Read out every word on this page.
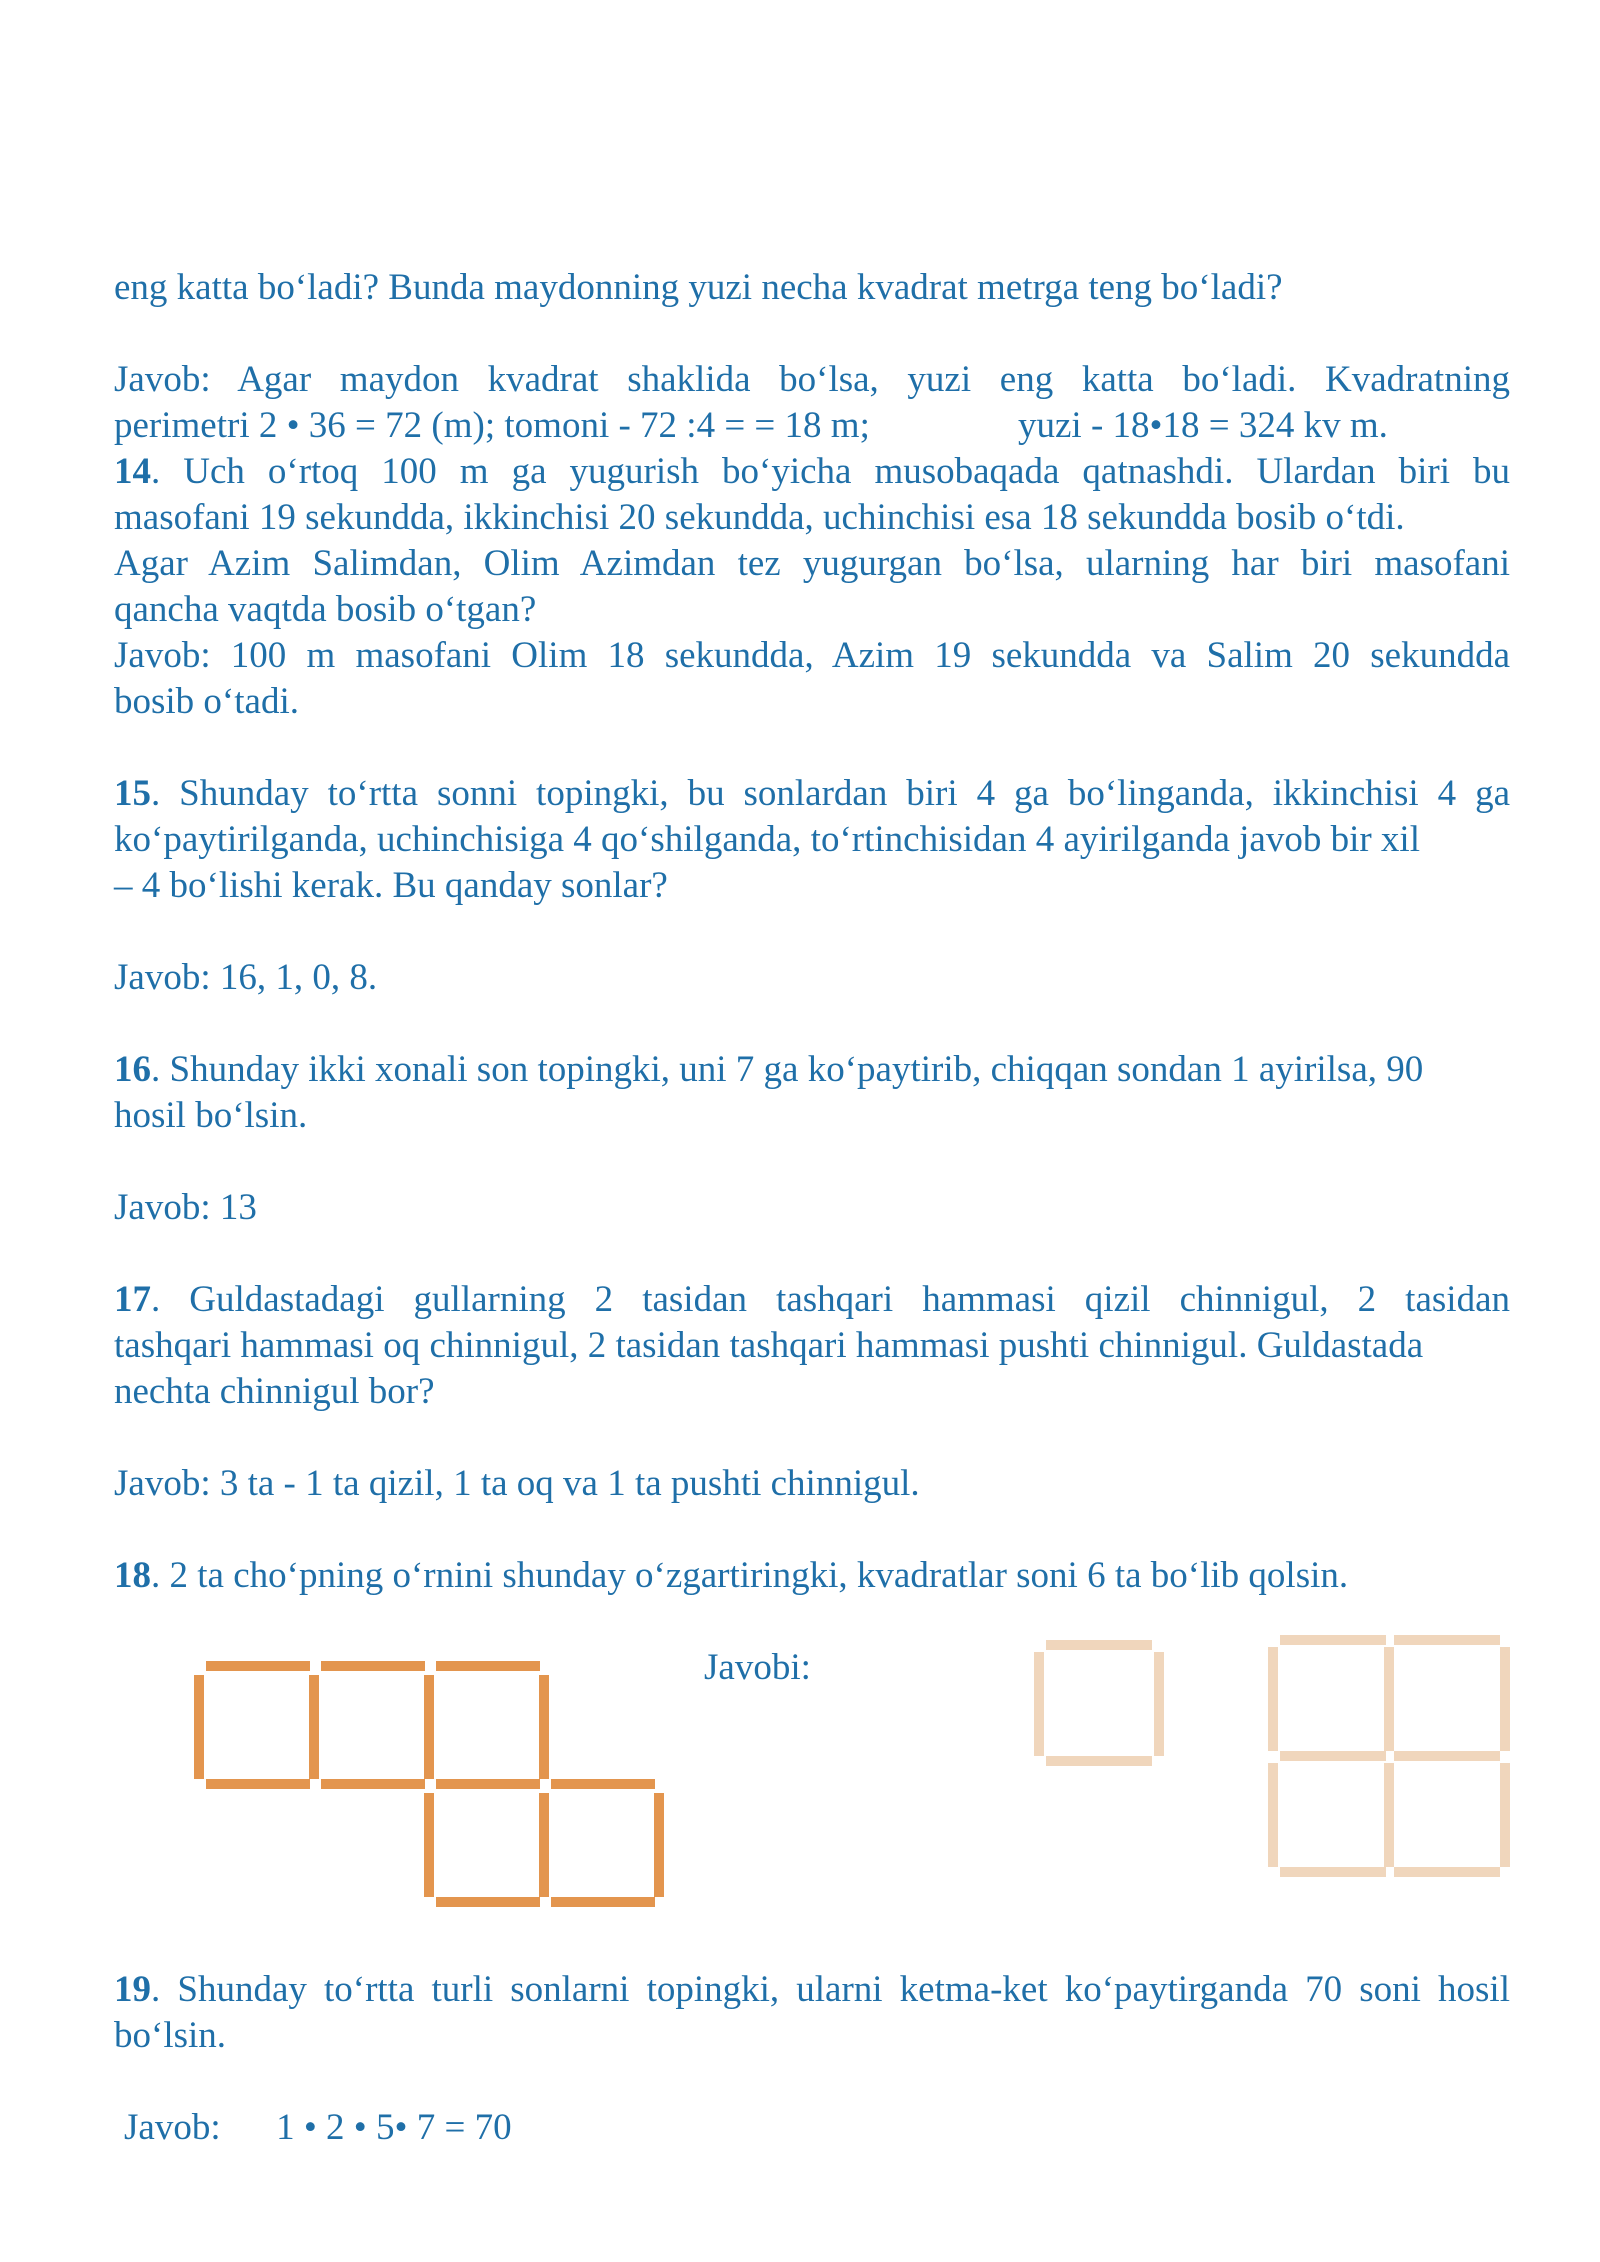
eng katta bo‘ladi? Bunda maydonning yuzi necha kvadrat metrga teng bo‘ladi?
Javob: Agar maydon kvadrat shaklida bo‘lsa, yuzi eng katta bo‘ladi. Kvadratning
perimetri 2 • 36 = 72 (m); tomoni - 72 :4 = = 18 m;	yuzi - 18•18 = 324 kv m.
14. Uch o‘rtoq 100 m ga yugurish bo‘yicha musobaqada qatnashdi. Ulardan biri bu
masofani 19 sekundda, ikkinchisi 20 sekundda, uchinchisi esa 18 sekundda bosib o‘tdi.
Agar Azim Salimdan, Olim Azimdan tez yugurgan bo‘lsa, ularning har biri masofani
qancha vaqtda bosib o‘tgan?
Javob: 100 m masofani Olim 18 sekundda, Azim 19 sekundda va Salim 20 sekundda
bosib o‘tadi.
15. Shunday to‘rtta sonni topingki, bu sonlardan biri 4 ga bo‘linganda, ikkinchisi 4 ga
ko‘paytirilganda, uchinchisiga 4 qo‘shilganda, to‘rtinchisidan 4 ayirilganda javob bir xil
– 4 bo‘lishi kerak. Bu qanday sonlar?
Javob: 16, 1, 0, 8.
16. Shunday ikki xonali son topingki, uni 7 ga ko‘paytirib, chiqqan sondan 1 ayirilsa, 90
hosil bo‘lsin.
Javob: 13
17. Guldastadagi gullarning 2 tasidan tashqari hammasi qizil chinnigul, 2 tasidan
tashqari hammasi oq chinnigul, 2 tasidan tashqari hammasi pushti chinnigul. Guldastada
nechta chinnigul bor?
Javob: 3 ta - 1 ta qizil, 1 ta oq va 1 ta pushti chinnigul.
18. 2 ta cho‘pning o‘rnini shunday o‘zgartiringki, kvadratlar soni 6 ta bo‘lib qolsin.
Javobi:
19. Shunday to‘rtta turli sonlarni topingki, ularni ketma-ket ko‘paytirganda 70 soni hosil
bo‘lsin.
Javob:      1 • 2 • 5• 7 = 70
